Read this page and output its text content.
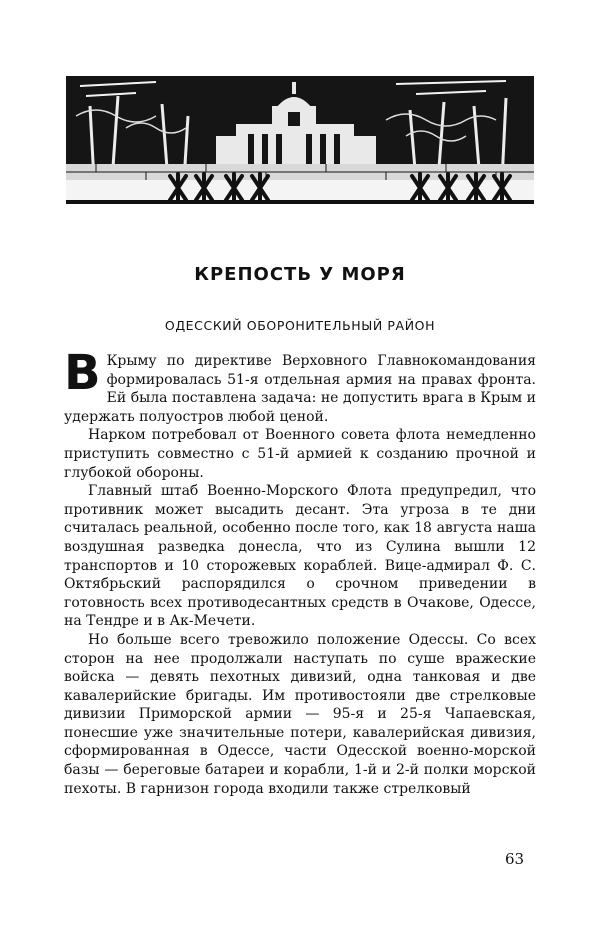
КРЕПОСТЬ У МОРЯ
ОДЕССКИЙ ОБОРОНИТЕЛЬНЫЙ РАЙОН

В Крыму по директиве Верховного Главнокомандования формировалась 51-я отдельная армия на правах фронта. Ей была поставлена задача: не допустить врага в Крым и удержать полуостров любой ценой.

Нарком потребовал от Военного совета флота немедленно приступить совместно с 51-й армией к созданию прочной и глубокой обороны.

Главный штаб Военно-Морского Флота предупредил, что противник может высадить десант. Эта угроза в те дни считалась реальной, особенно после того, как 18 августа наша воздушная разведка донесла, что из Сулина вышли 12 транспортов и 10 сторожевых кораблей. Вице-адмирал Ф. С. Октябрьский распорядился о срочном приведении в готовность всех противодесантных средств в Очакове, Одессе, на Тендре и в Ак-Мечети.

Но больше всего тревожило положение Одессы. Со всех сторон на нее продолжали наступать по суше вражеские войска — девять пехотных дивизий, одна танковая и две кавалерийские бригады. Им противостояли две стрелковые дивизии Приморской армии — 95-я и 25-я Чапаевская, понесшие уже значительные потери, кавалерийская дивизия, сформированная в Одессе, части Одесской военно-морской базы — береговые батареи и корабли, 1-й и 2-й полки морской пехоты. В гарнизон города входили также стрелковый

63
